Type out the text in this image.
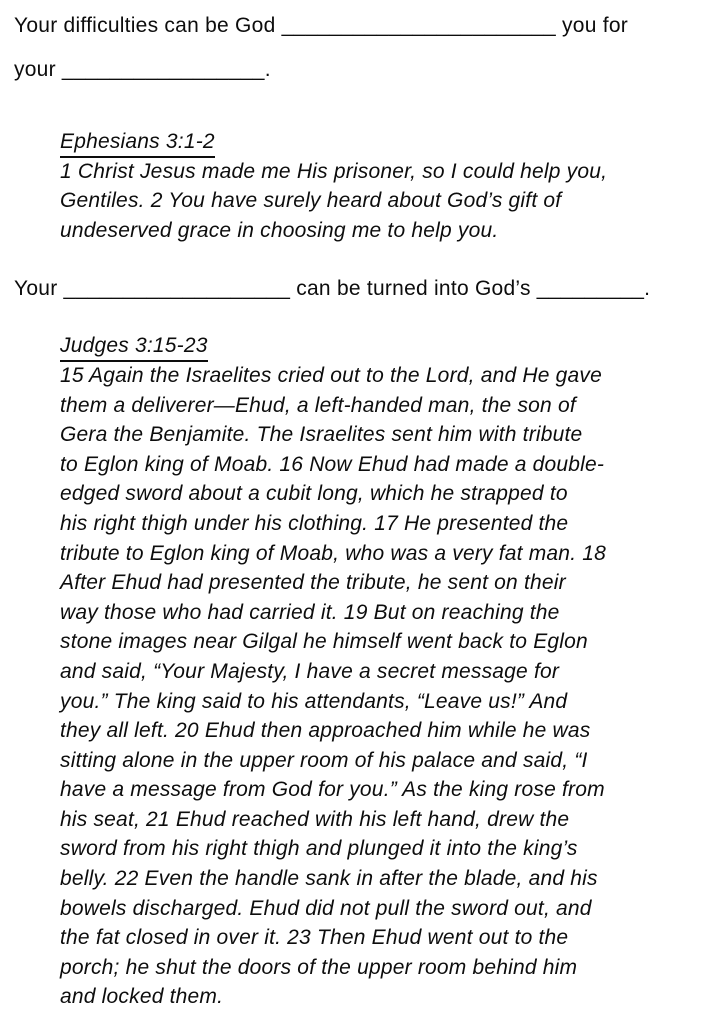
Your difficulties can be God _______________________ you for
your _________________.
Ephesians 3:1-2
1 Christ Jesus made me His prisoner, so I could help you,
Gentiles. 2 You have surely heard about God’s gift of
undeserved grace in choosing me to help you.
Your ___________________ can be turned into God’s _________.
Judges 3:15-23
15 Again the Israelites cried out to the Lord, and He gave
them a deliverer—Ehud, a left-handed man, the son of
Gera the Benjamite. The Israelites sent him with tribute
to Eglon king of Moab. 16 Now Ehud had made a double-
edged sword about a cubit long, which he strapped to
his right thigh under his clothing. 17 He presented the
tribute to Eglon king of Moab, who was a very fat man. 18
After Ehud had presented the tribute, he sent on their
way those who had carried it. 19 But on reaching the
stone images near Gilgal he himself went back to Eglon
and said, “Your Majesty, I have a secret message for
you.” The king said to his attendants, “Leave us!” And
they all left. 20 Ehud then approached him while he was
sitting alone in the upper room of his palace and said, “I
have a message from God for you.” As the king rose from
his seat, 21 Ehud reached with his left hand, drew the
sword from his right thigh and plunged it into the king’s
belly. 22 Even the handle sank in after the blade, and his
bowels discharged. Ehud did not pull the sword out, and
the fat closed in over it. 23 Then Ehud went out to the
porch; he shut the doors of the upper room behind him
and locked them.
